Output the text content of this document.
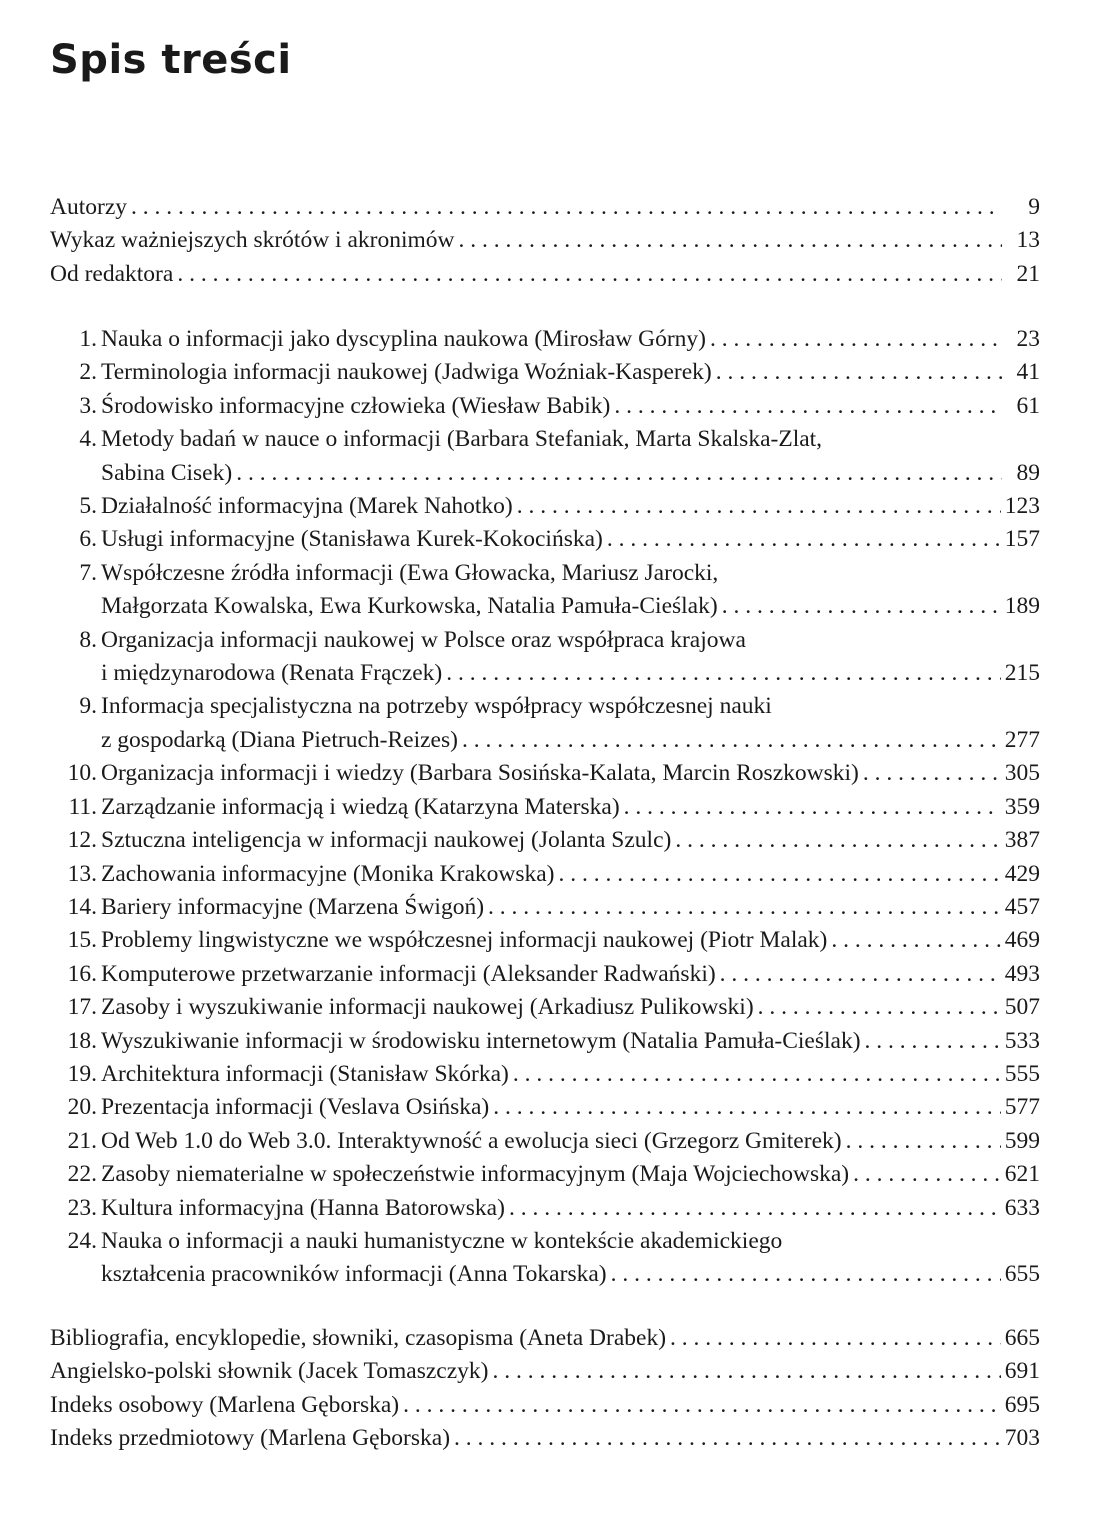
Spis treści
Autorzy . . .	9
Wykaz ważniejszych skrótów i akronimów . . .	13
Od redaktora . . .	21
1. Nauka o informacji jako dyscyplina naukowa (Mirosław Górny) . . .	23
2. Terminologia informacji naukowej (Jadwiga Woźniak-Kasperek) . . .	41
3. Środowisko informacyjne człowieka (Wiesław Babik) . . .	61
4. Metody badań w nauce o informacji (Barbara Stefaniak, Marta Skalska-Zlat,
Sabina Cisek) . . .	89
5. Działalność informacyjna (Marek Nahotko) . . .	123
6. Usługi informacyjne (Stanisława Kurek-Kokocińska) . . .	157
7. Współczesne źródła informacji (Ewa Głowacka, Mariusz Jarocki,
Małgorzata Kowalska, Ewa Kurkowska, Natalia Pamuła-Cieślak) . . .	189
8. Organizacja informacji naukowej w Polsce oraz współpraca krajowa
i międzynarodowa (Renata Frączek) . . .	215
9. Informacja specjalistyczna na potrzeby współpracy współczesnej nauki
z gospodarką (Diana Pietruch-Reizes) . . .	277
10. Organizacja informacji i wiedzy (Barbara Sosińska-Kalata, Marcin Roszkowski) . . .	305
11. Zarządzanie informacją i wiedzą (Katarzyna Materska) . . .	359
12. Sztuczna inteligencja w informacji naukowej (Jolanta Szulc) . . .	387
13. Zachowania informacyjne (Monika Krakowska) . . .	429
14. Bariery informacyjne (Marzena Świgoń) . . .	457
15. Problemy lingwistyczne we współczesnej informacji naukowej (Piotr Malak) . . .	469
16. Komputerowe przetwarzanie informacji (Aleksander Radwański) . . .	493
17. Zasoby i wyszukiwanie informacji naukowej (Arkadiusz Pulikowski) . . .	507
18. Wyszukiwanie informacji w środowisku internetowym (Natalia Pamuła-Cieślak) . . .	533
19. Architektura informacji (Stanisław Skórka) . . .	555
20. Prezentacja informacji (Veslava Osińska) . . .	577
21. Od Web 1.0 do Web 3.0. Interaktywność a ewolucja sieci (Grzegorz Gmiterek) . . .	599
22. Zasoby niematerialne w społeczeństwie informacyjnym (Maja Wojciechowska) . . .	621
23. Kultura informacyjna (Hanna Batorowska) . . .	633
24. Nauka o informacji a nauki humanistyczne w kontekście akademickiego
kształcenia pracowników informacji (Anna Tokarska) . . .	655
Bibliografia, encyklopedie, słowniki, czasopisma (Aneta Drabek) . . .	665
Angielsko-polski słownik (Jacek Tomaszczyk) . . .	691
Indeks osobowy (Marlena Gęborska) . . .	695
Indeks przedmiotowy (Marlena Gęborska) . . .	703
